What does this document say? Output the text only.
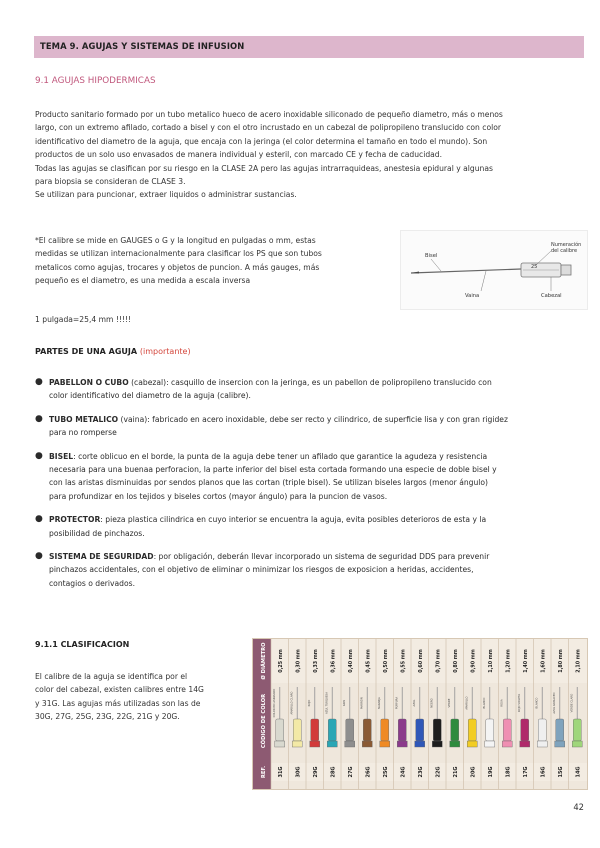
TEMA 9. AGUJAS Y SISTEMAS DE INFUSION
9.1 AGUJAS HIPODERMICAS
Producto sanitario formado por un tubo metalico hueco de acero inoxidable siliconado de pequeño diametro, más o menos
largo, con un extremo afilado, cortado a bisel y con el otro incrustado en un cabezal de polipropileno translucido con color
identificativo del diametro de la aguja, que encaja con la jeringa (el color determina el tamaño en todo el mundo). Son
productos de un solo uso envasados de manera individual y esteril, con marcado CE y fecha de caducidad.
Todas las agujas se clasifican por su riesgo en la CLASE 2A pero las agujas intrarraquideas, anestesia epidural y algunas
para biopsia se consideran de CLASE 3.
Se utilizan para puncionar, extraer liquidos o administrar sustancias.
*El calibre se mide en GAUGES o G y la longitud en pulgadas o mm, estas
medidas se utilizan internacionalmente para clasificar los PS que son tubos
metalicos como agujas, trocares y objetos de puncion. A más gauges, más
pequeño es el diametro, es una medida a escala inversa
1 pulgada=25,4 mm !!!!!
Bisel
Numeración
del calibre
25
Vaina	Cabezal
PARTES DE UNA AGUJA (importante)
● PABELLON O CUBO (cabezal): casquillo de insercion con la jeringa, es un pabellon de polipropileno translucido con
color identificativo del diametro de la aguja (calibre).
● TUBO METALICO (vaina): fabricado en acero inoxidable, debe ser recto y cilindrico, de superficie lisa y con gran rigidez
para no romperse
● BISEL: corte oblicuo en el borde, la punta de la aguja debe tener un afilado que garantice la agudeza y resistencia
necesaria para una buenaa perforacion, la parte inferior del bisel esta cortada formando una especie de doble bisel y
con las aristas disminuidas por sendos planos que las cortan (triple bisel). Se utilizan biseles largos (menor ángulo)
para profundizar en los tejidos y biseles cortos (mayor ángulo) para la puncion de vasos.
● PROTECTOR: pieza plastica cilindrica en cuyo interior se encuentra la aguja, evita posibles deterioros de esta y la
posibilidad de pinchazos.
● SISTEMA DE SEGURIDAD: por obligación, deberán llevar incorporado un sistema de seguridad DDS para prevenir
pinchazos accidentales, con el objetivo de eliminar o minimizar los riesgos de exposicion a heridas, accidentes,
contagios o derivados.
9.1.1 CLASIFICACION
El calibre de la aguja se identifica por el
color del cabezal, existen calibres entre 14G
y 31G. Las agujas más utilizadas son las de
30G, 27G, 25G, 23G, 22G, 21G y 20G.
Ø DIÁMETRO
CÓDIGO DE COLOR
REF.
0,25 mm
COLOR NO ASIGNADO
31G
0,30 mm
AMARILLO CLARO
30G
0,33 mm
ROJO
29G
0,36 mm
AZUL TURQUESA
28G
0,40 mm
GRIS
27G
0,45 mm
MARRÓN
26G
0,50 mm
NARANJA
25G
0,55 mm
PÚRPURA
24G
0,60 mm
AZUL
23G
0,70 mm
NEGRO
22G
0,80 mm
VERDE
21G
0,90 mm
AMARILLO
20G
1,10 mm
BLANCO
19G
1,20 mm
ROSA
18G
1,40 mm
ROJO VIOLETA
17G
1,60 mm
BLANCO
16G
1,80 mm
AZUL GRISACEO
15G
2,10 mm
VERDE CLARO
14G
42
